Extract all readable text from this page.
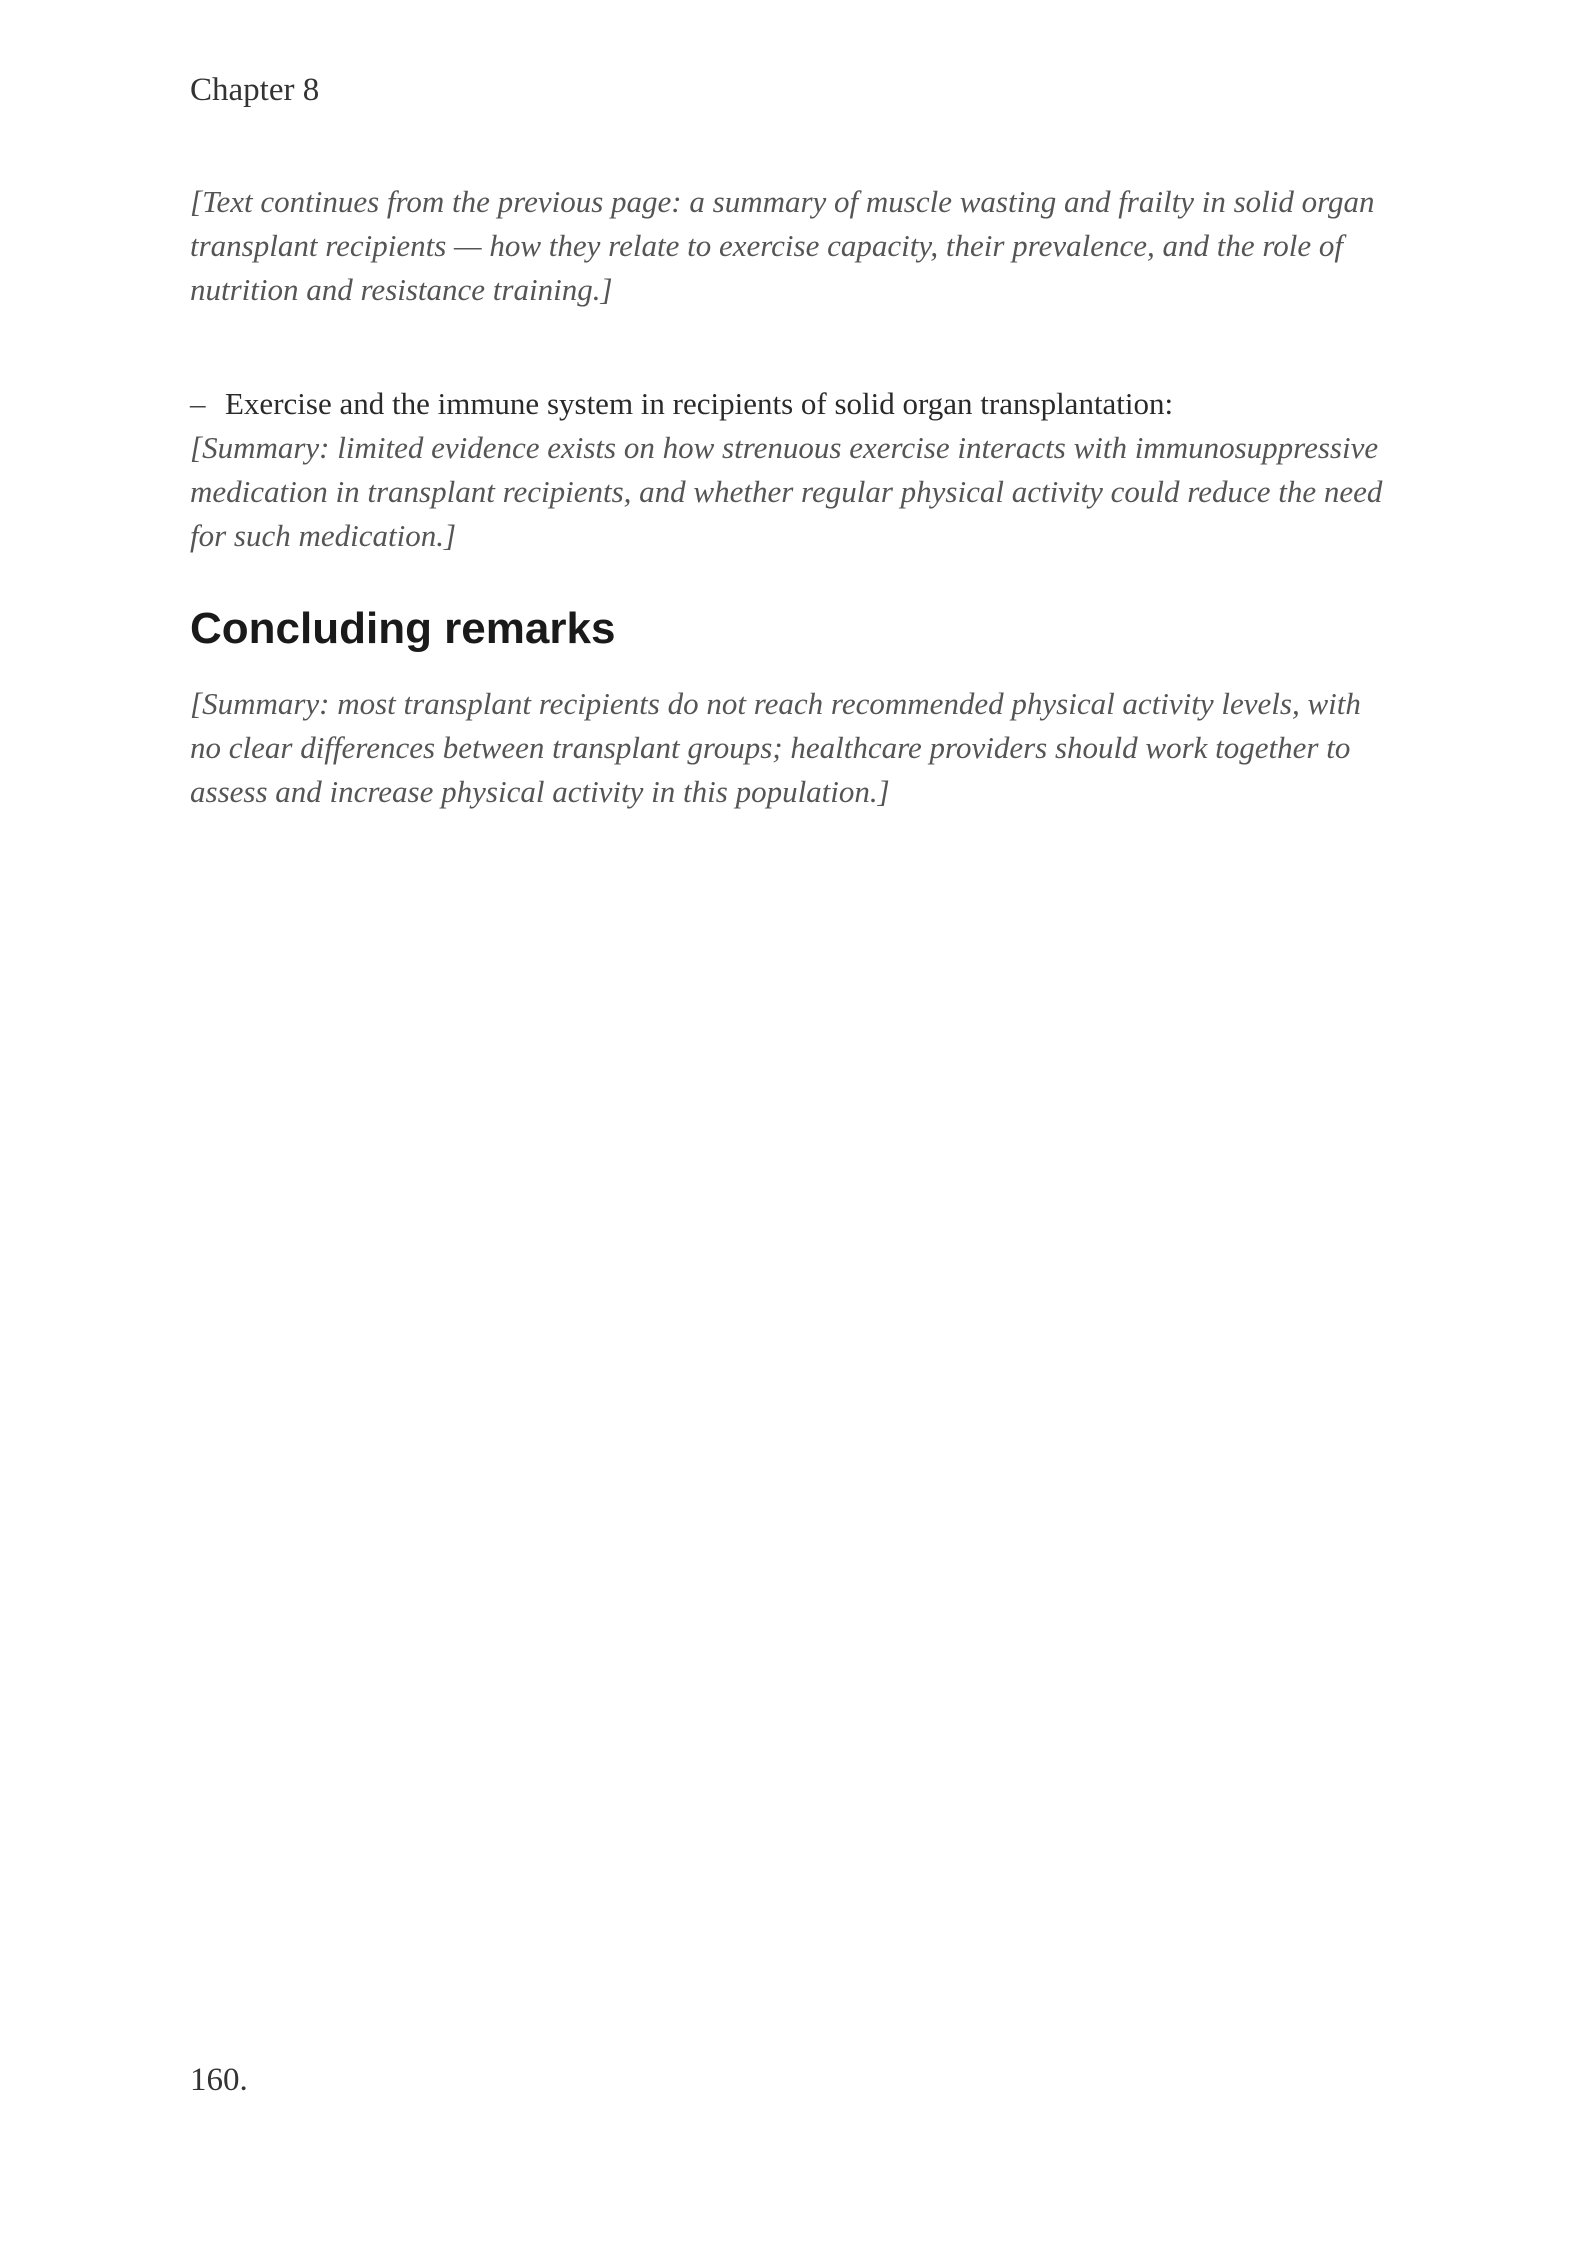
Chapter 8

[Text continues from the previous page: a summary of muscle wasting and frailty in solid organ transplant recipients — how they relate to exercise capacity, their prevalence, and the role of nutrition and resistance training.]

– Exercise and the immune system in recipients of solid organ transplantation:

[Summary: limited evidence exists on how strenuous exercise interacts with immunosuppressive medication in transplant recipients, and whether regular physical activity could reduce the need for such medication.]

Concluding remarks

[Summary: most transplant recipients do not reach recommended physical activity levels, with no clear differences between transplant groups; healthcare providers should work together to assess and increase physical activity in this population.]

160.
